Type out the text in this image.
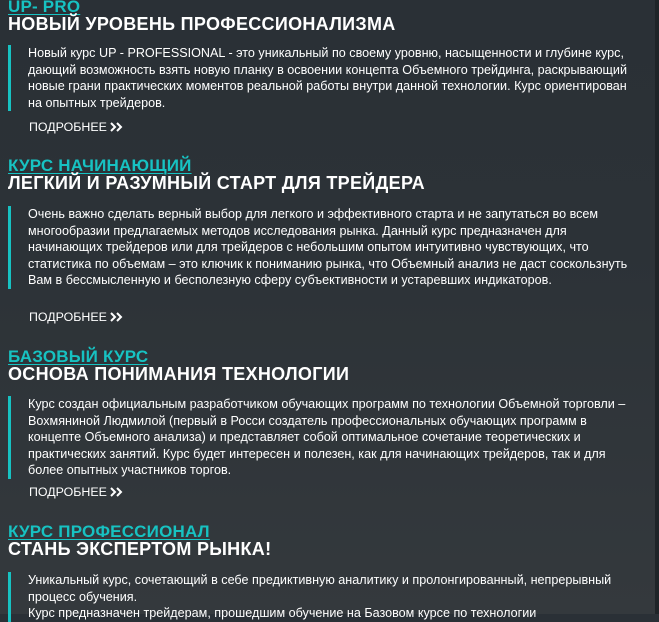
UP- PRO
НОВЫЙ УРОВЕНЬ ПРОФЕССИОНАЛИЗМА

Новый курс UP - PROFESSIONAL - это уникальный по своему уровню, насыщенности и глубине курс, дающий возможность взять новую планку в освоении концепта Объемного трейдинга, раскрывающий новые грани практических моментов реальной работы внутри данной технологии. Курс ориентирован на опытных трейдеров.

ПОДРОБНЕЕ
КУРС НАЧИНАЮЩИЙ
ЛЕГКИЙ И РАЗУМНЫЙ СТАРТ ДЛЯ ТРЕЙДЕРА

Очень важно сделать верный выбор для легкого и эффективного старта и не запутаться во всем многообразии предлагаемых методов исследования рынка. Данный курс предназначен для начинающих трейдеров или для трейдеров с небольшим опытом интуитивно чувствующих, что статистика по объемам – это ключик к пониманию рынка, что Объемный анализ не даст соскользнуть Вам в бессмысленную и бесполезную сферу субъективности и устаревших индикаторов.

ПОДРОБНЕЕ
БАЗОВЫЙ КУРС
ОСНОВА ПОНИМАНИЯ ТЕХНОЛОГИИ

Курс создан официальным разработчиком обучающих программ по технологии Объемной торговли – Вохмяниной Людмилой (первый в Росси создатель профессиональных обучающих программ в концепте Объемного анализа) и представляет собой оптимальное сочетание теоретических и практических занятий. Курс будет интересен и полезен, как для начинающих трейдеров, так и для более опытных участников торгов.

ПОДРОБНЕЕ
КУРС ПРОФЕССИОНАЛ
СТАНЬ ЭКСПЕРТОМ РЫНКА!

Уникальный курс, сочетающий в себе предиктивную аналитику и пролонгированный, непрерывный процесс обучения.

Курс предназначен трейдерам, прошедшим обучение на Базовом курсе по технологии
